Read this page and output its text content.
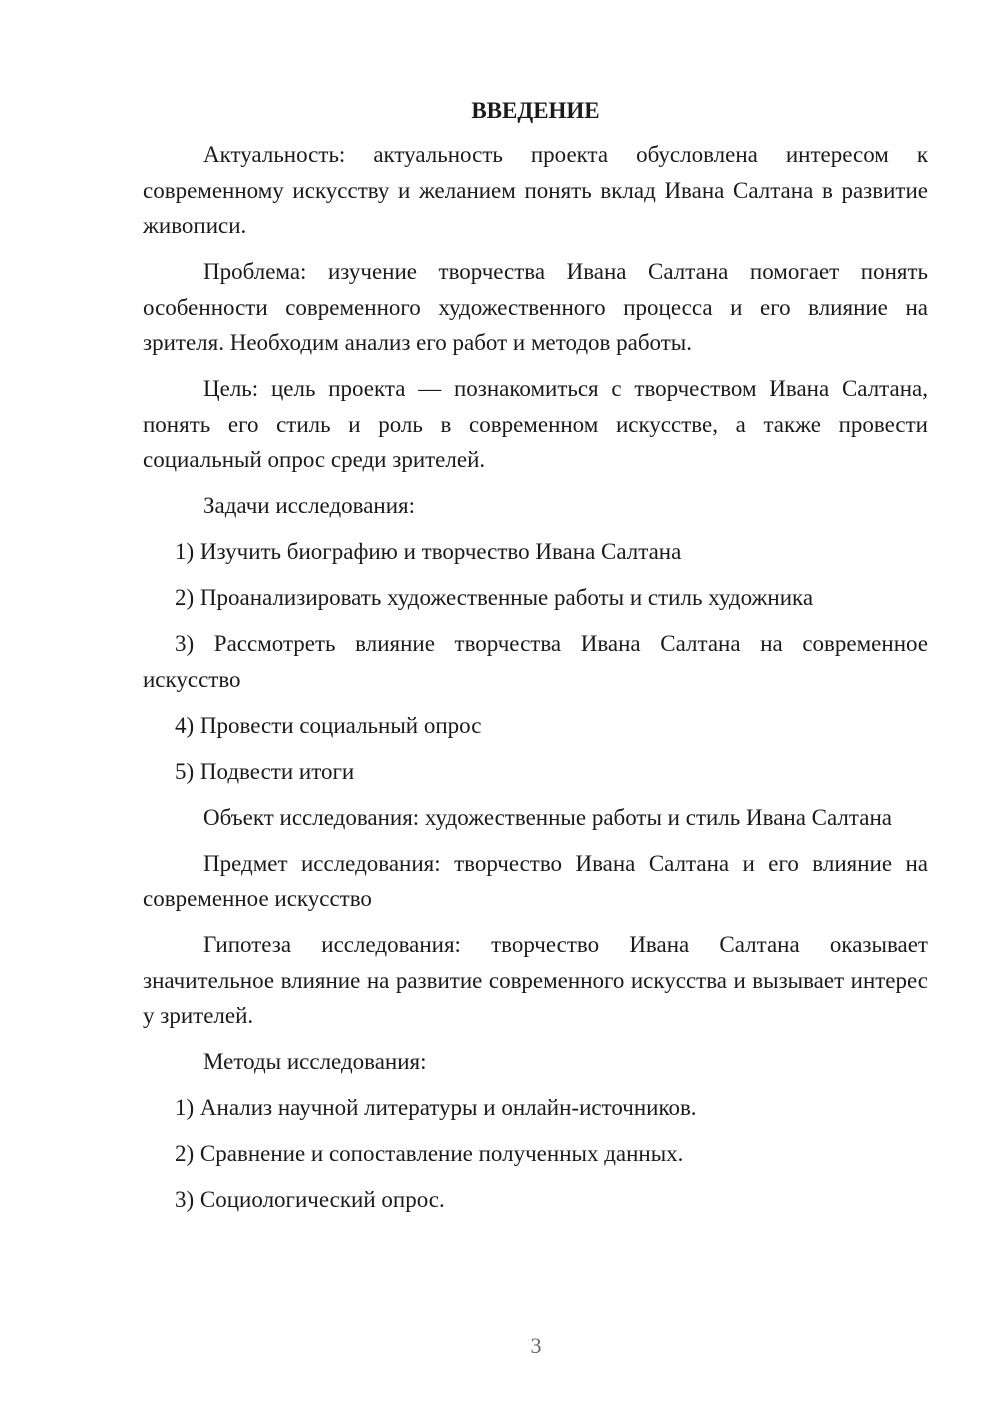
ВВЕДЕНИЕ

Актуальность: актуальность проекта обусловлена интересом к современному искусству и желанием понять вклад Ивана Салтана в развитие живописи.

Проблема: изучение творчества Ивана Салтана помогает понять особенности современного художественного процесса и его влияние на зрителя. Необходим анализ его работ и методов работы.

Цель: цель проекта — познакомиться с творчеством Ивана Салтана, понять его стиль и роль в современном искусстве, а также провести социальный опрос среди зрителей.

Задачи исследования:

1) Изучить биографию и творчество Ивана Салтана

2) Проанализировать художественные работы и стиль художника

3) Рассмотреть влияние творчества Ивана Салтана на современное искусство

4) Провести социальный опрос

5) Подвести итоги

Объект исследования: художественные работы и стиль Ивана Салтана

Предмет исследования: творчество Ивана Салтана и его влияние на современное искусство

Гипотеза исследования: творчество Ивана Салтана оказывает значительное влияние на развитие современного искусства и вызывает интерес у зрителей.

Методы исследования:

1) Анализ научной литературы и онлайн-источников.

2) Сравнение и сопоставление полученных данных.

3) Социологический опрос.

3
